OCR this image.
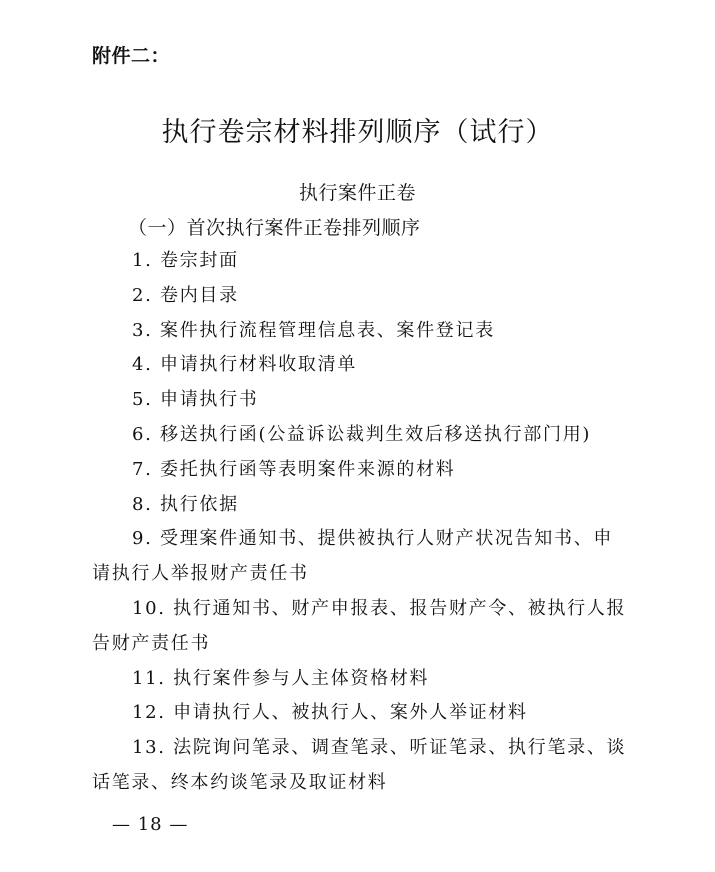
附件二：
执行卷宗材料排列顺序（试行）
执行案件正卷
（一）首次执行案件正卷排列顺序
1. 卷宗封面
2. 卷内目录
3. 案件执行流程管理信息表、案件登记表
4. 申请执行材料收取清单
5. 申请执行书
6. 移送执行函(公益诉讼裁判生效后移送执行部门用)
7. 委托执行函等表明案件来源的材料
8. 执行依据
9. 受理案件通知书、提供被执行人财产状况告知书、申请执行人举报财产责任书
10. 执行通知书、财产申报表、报告财产令、被执行人报告财产责任书
11. 执行案件参与人主体资格材料
12. 申请执行人、被执行人、案外人举证材料
13. 法院询问笔录、调查笔录、听证笔录、执行笔录、谈话笔录、终本约谈笔录及取证材料
— 18 —
